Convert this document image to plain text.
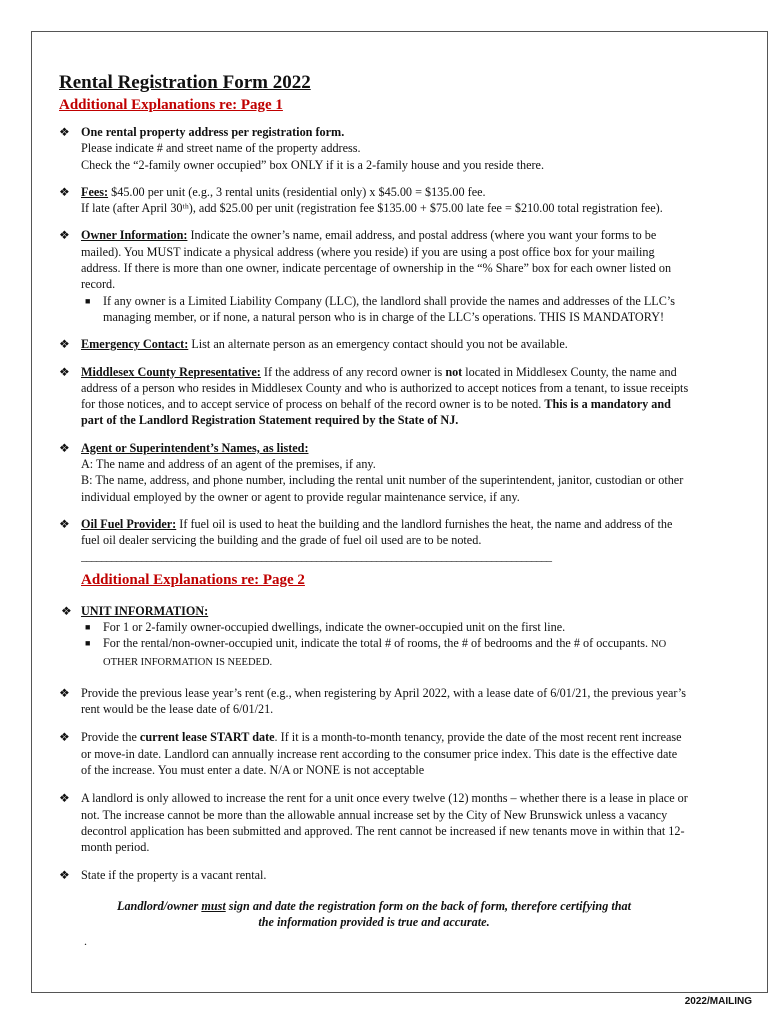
Rental Registration Form 2022

Additional Explanations re: Page 1

❖ One rental property address per registration form.
Please indicate # and street name of the property address.
Check the “2-family owner occupied” box ONLY if it is a 2-family house and you reside there.
❖ Fees: $45.00 per unit (e.g., 3 rental units (residential only) x $45.00 = $135.00 fee.
If late (after April 30ᵗʰ), add $25.00 per unit (registration fee $135.00 + $75.00 late fee = $210.00 total registration fee).
❖ Owner Information: Indicate the owner’s name, email address, and postal address (where you want your forms to be mailed). You MUST indicate a physical address (where you reside) if you are using a post office box for your mailing address. If there is more than one owner, indicate percentage of ownership in the “% Share” box for each owner listed on record.
■ If any owner is a Limited Liability Company (LLC), the landlord shall provide the names and addresses of the LLC’s managing member, or if none, a natural person who is in charge of the LLC’s operations. THIS IS MANDATORY!
❖ Emergency Contact: List an alternate person as an emergency contact should you not be available.
❖ Middlesex County Representative: If the address of any record owner is not located in Middlesex County, the name and address of a person who resides in Middlesex County and who is authorized to accept notices from a tenant, to issue receipts for those notices, and to accept service of process on behalf of the record owner is to be noted. This is a mandatory and part of the Landlord Registration Statement required by the State of NJ.
❖ Agent or Superintendent’s Names, as listed:
A: The name and address of an agent of the premises, if any.
B: The name, address, and phone number, including the rental unit number of the superintendent, janitor, custodian or other individual employed by the owner or agent to provide regular maintenance service, if any.
❖ Oil Fuel Provider: If fuel oil is used to heat the building and the landlord furnishes the heat, the name and address of the fuel oil dealer servicing the building and the grade of fuel oil used are to be noted.
______________________________________________________________________________________________

Additional Explanations re: Page 2

❖ UNIT INFORMATION:
■ For 1 or 2-family owner-occupied dwellings, indicate the owner-occupied unit on the first line.
■ For the rental/non-owner-occupied unit, indicate the total # of rooms, the # of bedrooms and the # of occupants. NO OTHER INFORMATION IS NEEDED.
❖ Provide the previous lease year’s rent (e.g., when registering by April 2022, with a lease date of 6/01/21, the previous year’s rent would be the lease date of 6/01/21.
❖ Provide the current lease START date. If it is a month-to-month tenancy, provide the date of the most recent rent increase or move-in date. Landlord can annually increase rent according to the consumer price index. This date is the effective date of the increase. You must enter a date. N/A or NONE is not acceptable
❖ A landlord is only allowed to increase the rent for a unit once every twelve (12) months – whether there is a lease in place or not. The increase cannot be more than the allowable annual increase set by the City of New Brunswick unless a vacancy decontrol application has been submitted and approved. The rent cannot be increased if new tenants move in within that 12-month period.
❖ State if the property is a vacant rental.
Landlord/owner must sign and date the registration form on the back of form, therefore certifying that the information provided is true and accurate.
.
2022/MAILING
